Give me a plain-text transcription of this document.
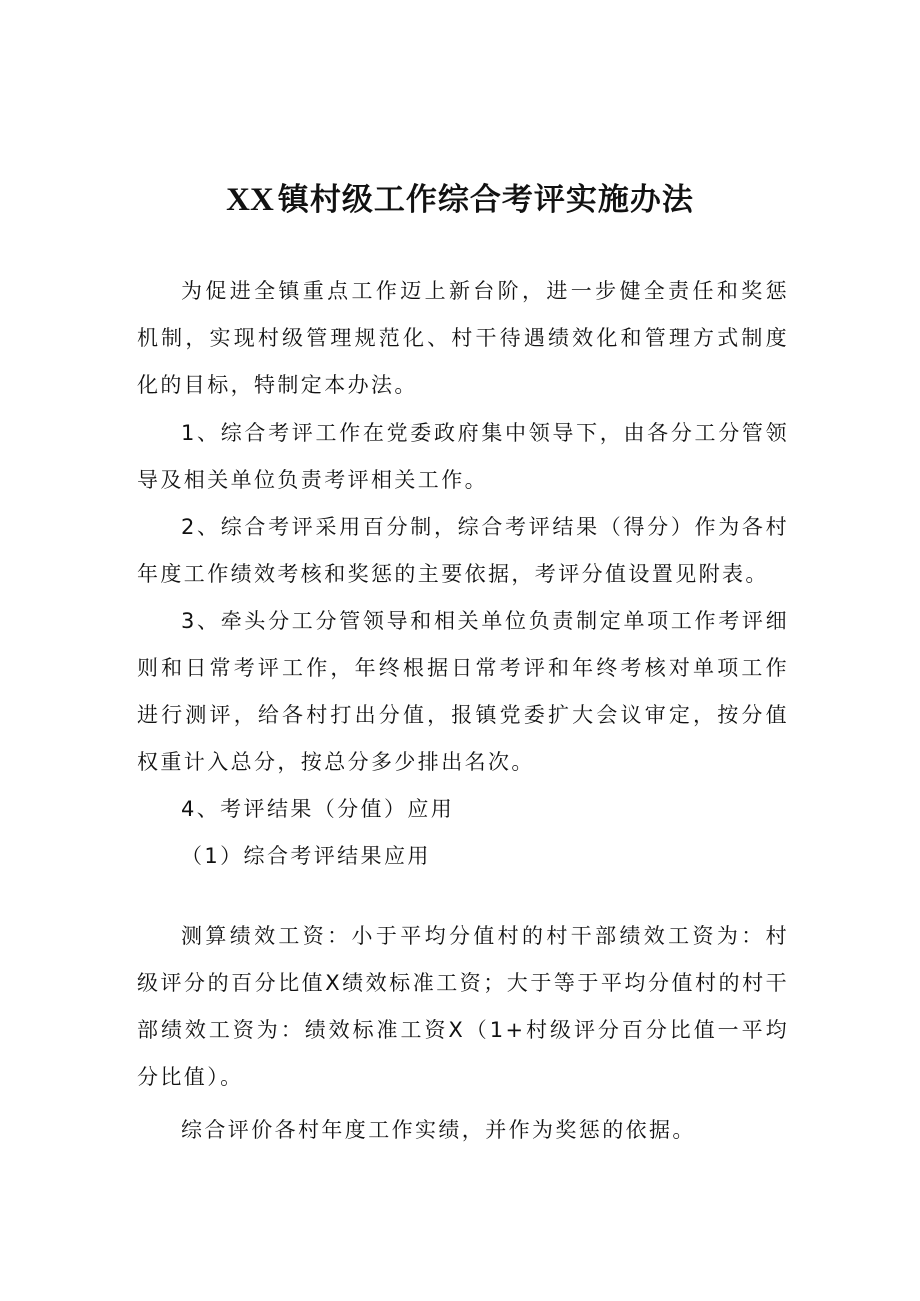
XX 镇村级工作综合考评实施办法

为促进全镇重点工作迈上新台阶，进一步健全责任和奖惩机制，实现村级管理规范化、村干待遇绩效化和管理方式制度化的目标，特制定本办法。

1、综合考评工作在党委政府集中领导下，由各分工分管领导及相关单位负责考评相关工作。

2、综合考评采用百分制，综合考评结果（得分）作为各村年度工作绩效考核和奖惩的主要依据，考评分值设置见附表。

3、牵头分工分管领导和相关单位负责制定单项工作考评细则和日常考评工作，年终根据日常考评和年终考核对单项工作进行测评，给各村打出分值，报镇党委扩大会议审定，按分值权重计入总分，按总分多少排出名次。

4、考评结果（分值）应用

（1）综合考评结果应用

测算绩效工资：小于平均分值村的村干部绩效工资为：村级评分的百分比值X绩效标准工资；大于等于平均分值村的村干部绩效工资为：绩效标准工资X（1+村级评分百分比值一平均分比值）。

综合评价各村年度工作实绩，并作为奖惩的依据。
